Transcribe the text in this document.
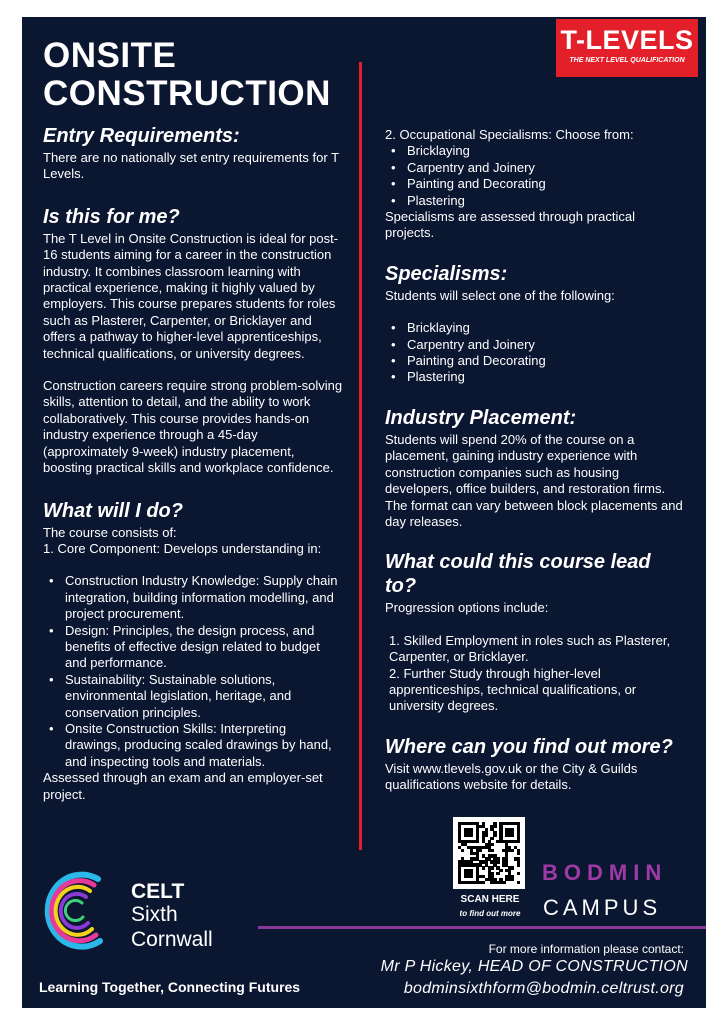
ONSITE
CONSTRUCTION
T-LEVELS
THE NEXT LEVEL QUALIFICATION
Entry Requirements:

There are no nationally set entry requirements for T Levels.

Is this for me?

The T Level in Onsite Construction is ideal for post-16 students aiming for a career in the construction industry. It combines classroom learning with practical experience, making it highly valued by employers. This course prepares students for roles such as Plasterer, Carpenter, or Bricklayer and offers a pathway to higher-level apprenticeships, technical qualifications, or university degrees.

Construction careers require strong problem-solving skills, attention to detail, and the ability to work collaboratively. This course provides hands-on industry experience through a 45-day (approximately 9-week) industry placement, boosting practical skills and workplace confidence.

What will I do?

The course consists of:

1. Core Component: Develops understanding in:

• Construction Industry Knowledge: Supply chain integration, building information modelling, and project procurement.
• Design: Principles, the design process, and benefits of effective design related to budget and performance.
• Sustainability: Sustainable solutions, environmental legislation, heritage, and conservation principles.
• Onsite Construction Skills: Interpreting drawings, producing scaled drawings by hand, and inspecting tools and materials.

Assessed through an exam and an employer-set project.

2. Occupational Specialisms: Choose from:

• Bricklaying
• Carpentry and Joinery
• Painting and Decorating
• Plastering

Specialisms are assessed through practical projects.

Specialisms:

Students will select one of the following:

• Bricklaying
• Carpentry and Joinery
• Painting and Decorating
• Plastering
Industry Placement:

Students will spend 20% of the course on a placement, gaining industry experience with construction companies such as housing developers, office builders, and restoration firms. The format can vary between block placements and day releases.

What could this course lead to?

Progression options include:

1. Skilled Employment in roles such as Plasterer, Carpenter, or Bricklayer.

2. Further Study through higher-level apprenticeships, technical qualifications, or university degrees.

Where can you find out more?

Visit www.tlevels.gov.uk or the City & Guilds qualifications website for details.

SCAN HERE
to find out more
BODMIN
CAMPUS
CELT
Sixth
Cornwall
Learning Together, Connecting Futures
For more information please contact:
Mr P Hickey, HEAD OF CONSTRUCTION
bodminsixthform@bodmin.celtrust.org
